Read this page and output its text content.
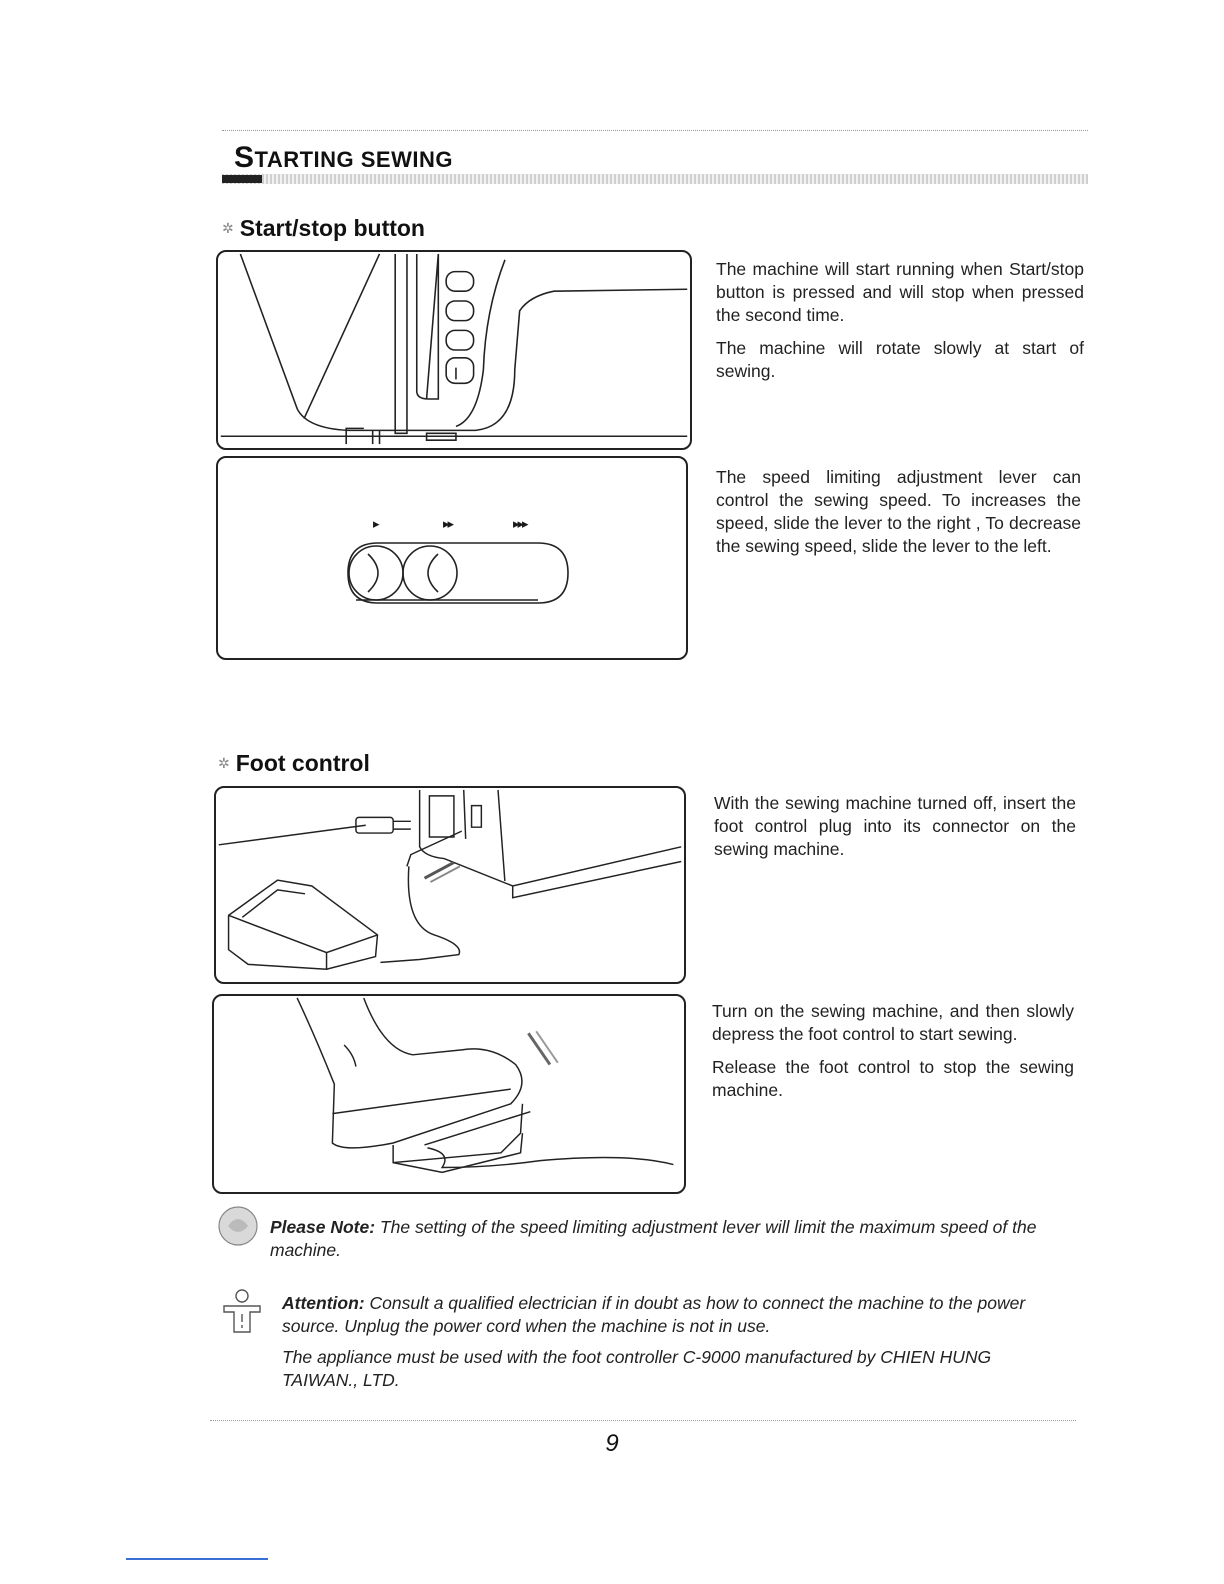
STARTING SEWING
✲ Start/stop button
▸	▸▸	▸▸▸

The machine will start running when Start/stop button is pressed and will stop when pressed the second time.

The machine will rotate slowly at start of sewing.

The speed limiting adjustment lever can control the sewing speed. To increases the speed, slide the lever to the right , To decrease the sewing speed, slide the lever to the left.

✲ Foot control

With the sewing machine turned off, insert the foot control plug into its connector on the sewing machine.

Turn on the sewing machine, and then slowly depress the foot control to start sewing.

Release the foot control to stop the sewing machine.

Please Note: The setting of the speed limiting adjustment lever will limit the maximum speed of the machine.
Attention: Consult a qualified electrician if in doubt as how to connect the machine to the power source. Unplug the power cord when the machine is not in use.
The appliance must be used with the foot controller C-9000 manufactured by CHIEN HUNG TAIWAN., LTD.
9
